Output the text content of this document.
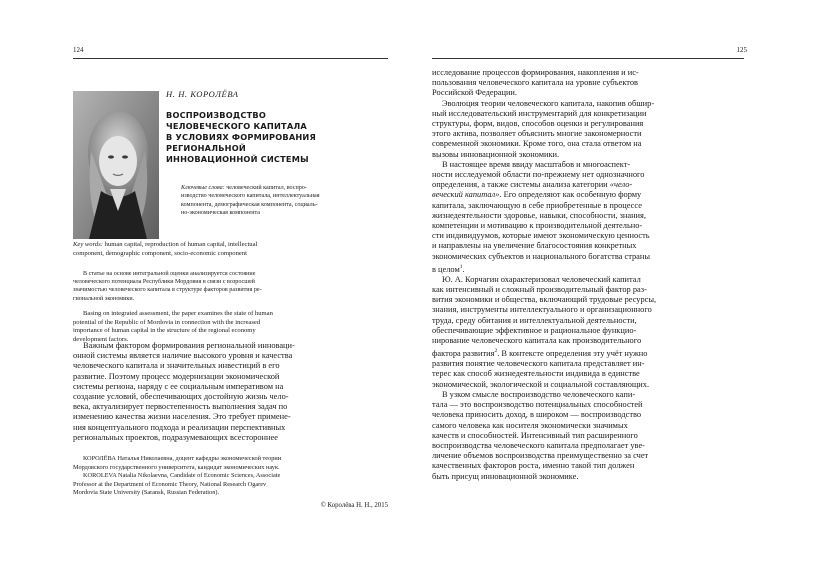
124
Н. Н. КОРОЛЁВА
ВОСПРОИЗВОДСТВО
ЧЕЛОВЕЧЕСКОГО КАПИТАЛА
В УСЛОВИЯХ ФОРМИРОВАНИЯ
РЕГИОНАЛЬНОЙ
ИННОВАЦИОННОЙ СИСТЕМЫ
Ключевые слова: человеческий капитал, воспро-
изводство человеческого капитала, интеллектуальная
компонента, демографическая компонента, социаль-
но-экономическая компонента
Key words: human capital, reproduction of human capital, intellectual
component, demographic component, socio-economic component
В статье на основе интегральной оценки анализируется состояние
человеческого потенциала Республики Мордовия в связи с возросшей
значимостью человеческого капитала в структуре факторов развития ре-
гиональной экономики.
Basing on integrated assessment, the paper examines the state of human
potential of the Republic of Mordovia in connection with the increased
importance of human capital in the structure of the regional economy
development factors.
Важным фактором формирования региональной инноваци-
онной системы является наличие высокого уровня и качества
человеческого капитала и значительных инвестиций в его
развитие. Поэтому процесс модернизации экономической
системы региона, наряду с ее социальным императивом на
создание условий, обеспечивающих достойную жизнь чело-
века, актуализирует первостепенность выполнения задач по
изменению качества жизни населения. Это требует примене-
ния концептуального подхода и реализации перспективных
региональных проектов, подразумевающих всестороннее
КОРОЛЁВА Наталья Николаевна, доцент кафедры экономической теории
Мордовского государственного университета, кандидат экономических наук.
KOROLEVA Natalia Nikolaevna, Candidate of Economic Sciences, Associate
Professor at the Department of Economic Theory, National Research Ogarev
Mordovia State University (Saransk, Russian Federation).
© Королёва Н. Н., 2015
125
исследование процессов формирования, накопления и ис-
пользования человеческого капитала на уровне субъектов
Российской Федерации.
Эволюция теории человеческого капитала, накопив обшир-
ный исследовательский инструментарий для конкретизации
структуры, форм, видов, способов оценки и регулирования
этого актива, позволяет объяснить многие закономерности
современной экономики. Кроме того, она стала ответом на
вызовы инновационной экономики.
В настоящее время ввиду масштабов и многоаспект-
ности исследуемой области по-прежнему нет однозначного
определения, а также системы анализа категории «чело-
веческий капитал». Его определяют как особенную форму
капитала, заключающую в себе приобретенные в процессе
жизнедеятельности здоровье, навыки, способности, знания,
компетенции и мотивацию к производительной деятельно-
сти индивидуумов, которые имеют экономическую ценность
и направлены на увеличение благосостояния конкретных
экономических субъектов и национального богатства страны
в целом$^1$.
Ю. А. Корчагин охарактеризовал человеческий капитал
как интенсивный и сложный производительный фактор раз-
вития экономики и общества, включающий трудовые ресурсы,
знания, инструменты интеллектуального и организационного
труда, среду обитания и интеллектуальной деятельности,
обеспечивающие эффективное и рациональное функцио-
нирование человеческого капитала как производительного
фактора развития$^2$. В контексте определения эту учёт нужно
развития понятие человеческого капитала представляет ин-
терес как способ жизнедеятельности индивида в единстве
экономической, экологической и социальной составляющих.
В узком смысле воспроизводство человеческого капи-
тала — это воспроизводство потенциальных способностей
человека приносить доход, в широком — воспроизводство
самого человека как носителя экономически значимых
качеств и способностей. Интенсивный тип расширенного
воспроизводства человеческого капитала предполагает уве-
личение объемов воспроизводства преимущественно за счет
качественных факторов роста, именно такой тип должен
быть присущ инновационной экономике.
